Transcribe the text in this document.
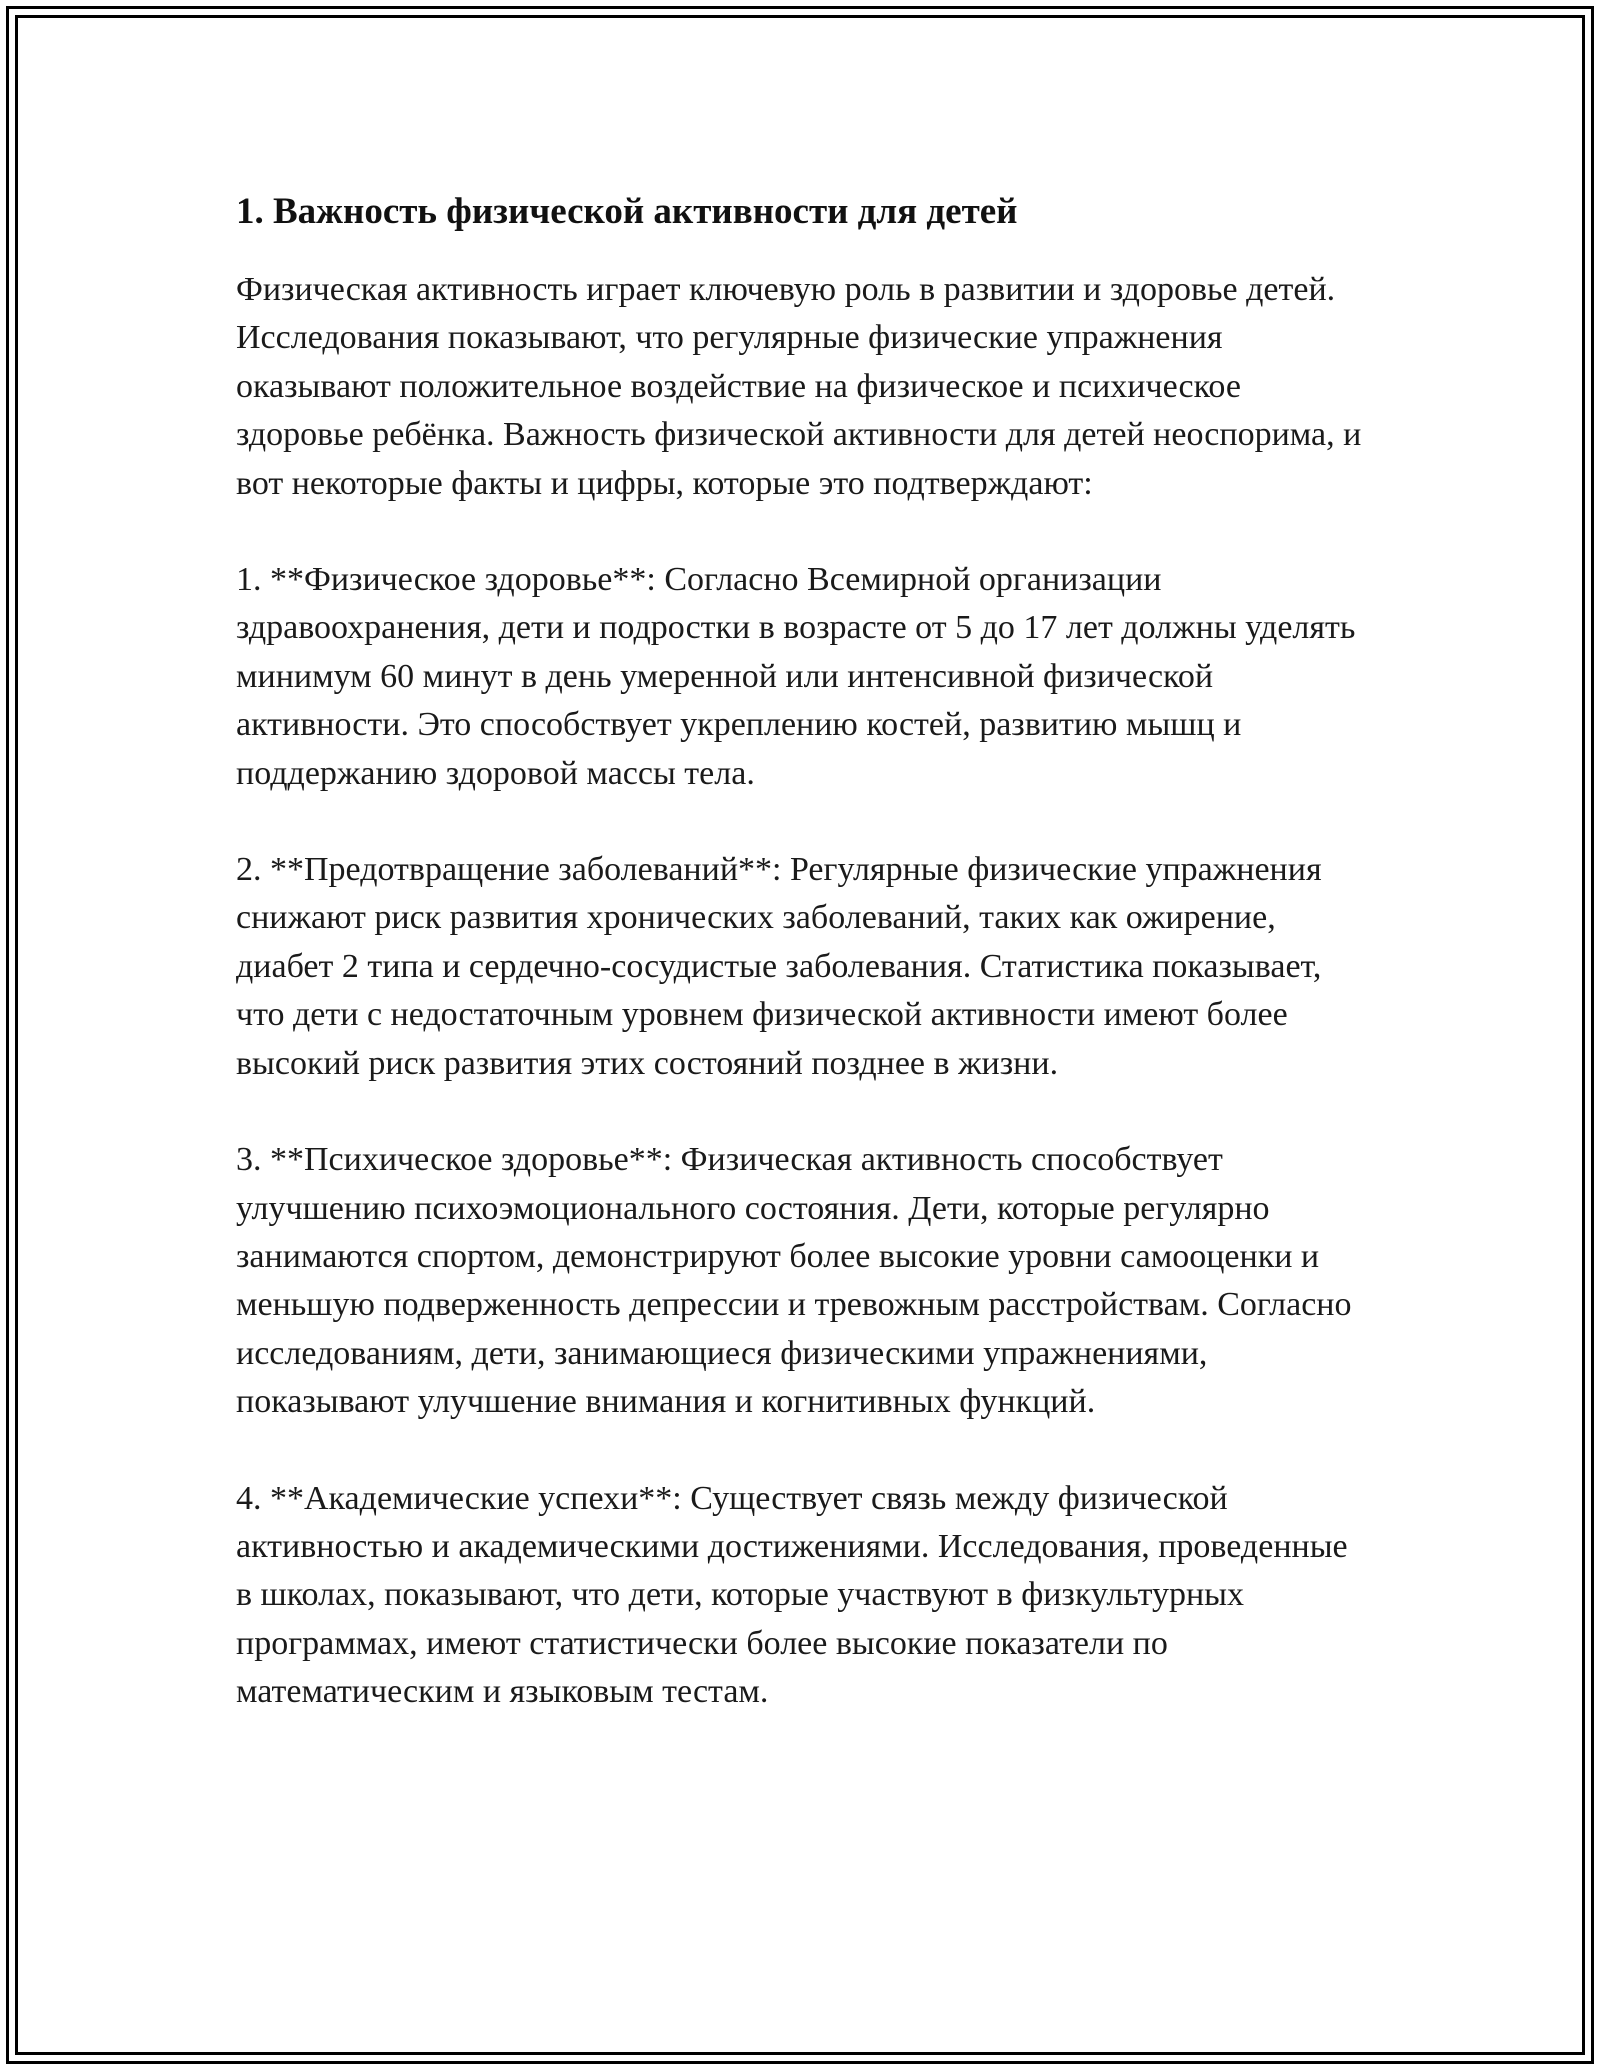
1. Важность физической активности для детей

Физическая активность играет ключевую роль в развитии и здоровье детей. Исследования показывают, что регулярные физические упражнения оказывают положительное воздействие на физическое и психическое здоровье ребёнка. Важность физической активности для детей неоспорима, и вот некоторые факты и цифры, которые это подтверждают:

1. **Физическое здоровье**: Согласно Всемирной организации здравоохранения, дети и подростки в возрасте от 5 до 17 лет должны уделять минимум 60 минут в день умеренной или интенсивной физической активности. Это способствует укреплению костей, развитию мышц и поддержанию здоровой массы тела.

2. **Предотвращение заболеваний**: Регулярные физические упражнения снижают риск развития хронических заболеваний, таких как ожирение, диабет 2 типа и сердечно-сосудистые заболевания. Статистика показывает, что дети с недостаточным уровнем физической активности имеют более высокий риск развития этих состояний позднее в жизни.

3. **Психическое здоровье**: Физическая активность способствует улучшению психоэмоционального состояния. Дети, которые регулярно занимаются спортом, демонстрируют более высокие уровни самооценки и меньшую подверженность депрессии и тревожным расстройствам. Согласно исследованиям, дети, занимающиеся физическими упражнениями, показывают улучшение внимания и когнитивных функций.

4. **Академические успехи**: Существует связь между физической активностью и академическими достижениями. Исследования, проведенные в школах, показывают, что дети, которые участвуют в физкультурных программах, имеют статистически более высокие показатели по математическим и языковым тестам.
